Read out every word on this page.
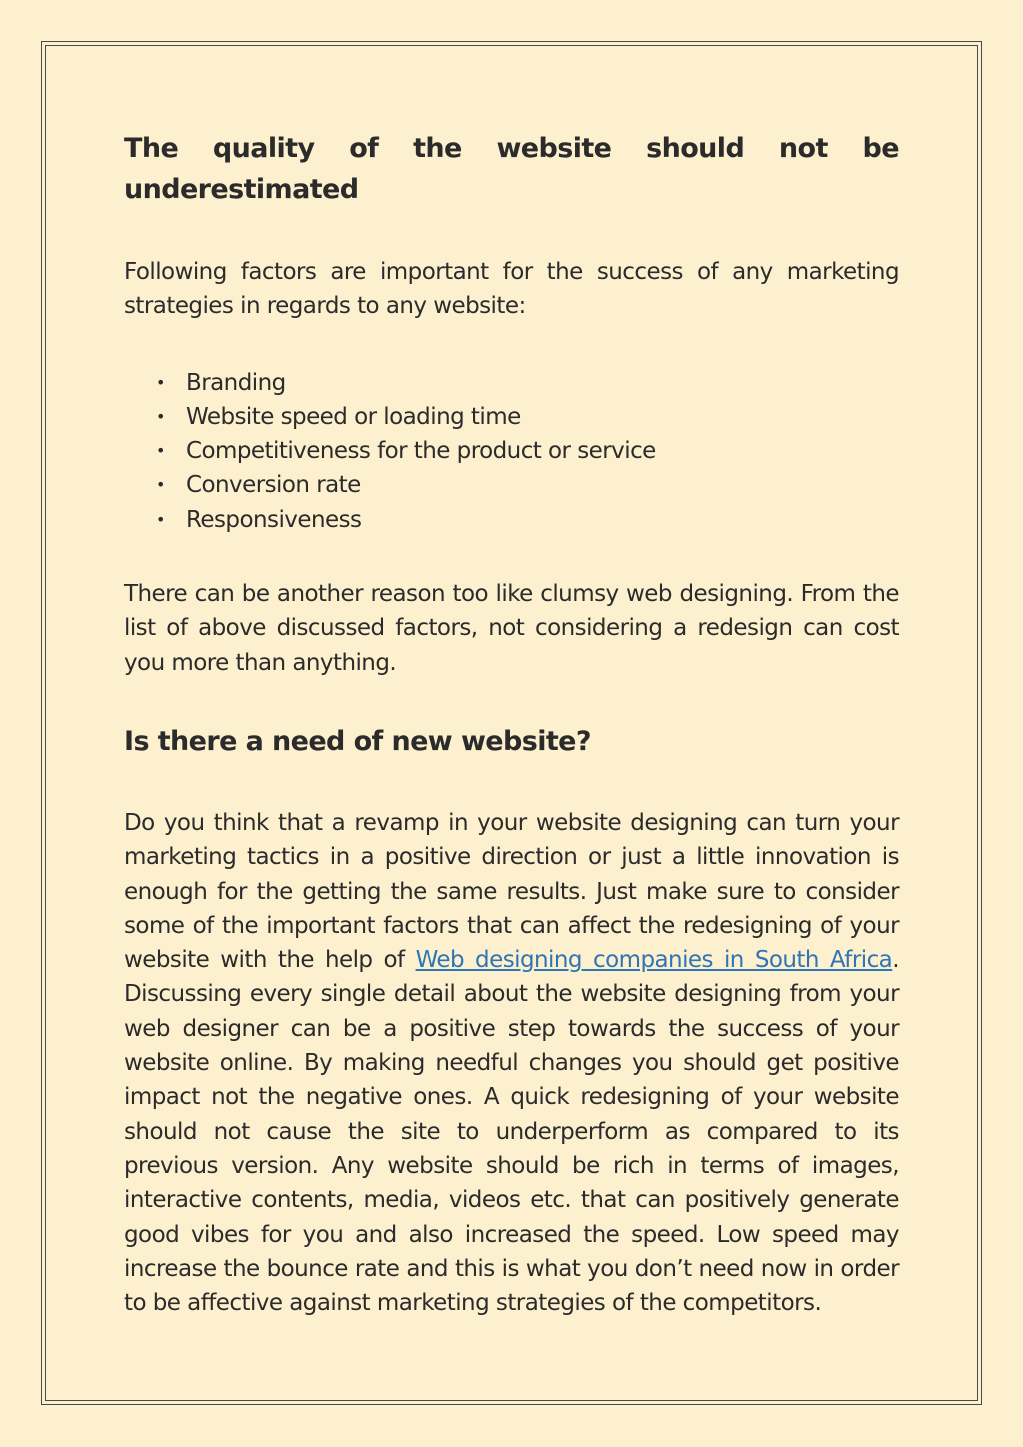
The quality of the website should not be
underestimated

Following factors are important for the success of any marketing strategies in regards to any website:

• Branding
• Website speed or loading time
• Competitiveness for the product or service
• Conversion rate
• Responsiveness

There can be another reason too like clumsy web designing. From the list of above discussed factors, not considering a redesign can cost you more than anything.

Is there a need of new website?

Do you think that a revamp in your website designing can turn your marketing tactics in a positive direction or just a little innovation is enough for the getting the same results. Just make sure to consider some of the important factors that can affect the redesigning of your website with the help of Web designing companies in South Africa. Discussing every single detail about the website designing from your web designer can be a positive step towards the success of your website online. By making needful changes you should get positive impact not the negative ones. A quick redesigning of your website should not cause the site to underperform as compared to its previous version. Any website should be rich in terms of images, interactive contents, media, videos etc. that can positively generate good vibes for you and also increased the speed. Low speed may increase the bounce rate and this is what you don’t need now in order to be affective against marketing strategies of the competitors.
